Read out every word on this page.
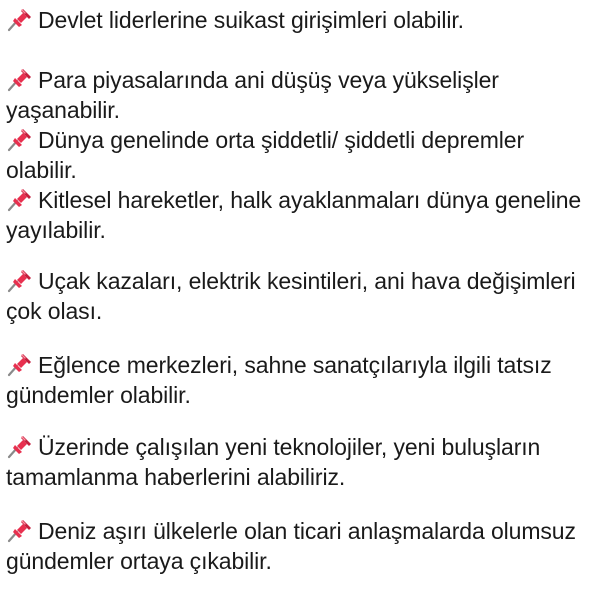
Devlet liderlerine suikast girişimleri olabilir.
Para piyasalarında ani düşüş veya yükselişler yaşanabilir.
Dünya genelinde orta şiddetli/ şiddetli depremler olabilir.
Kitlesel hareketler, halk ayaklanmaları dünya geneline yayılabilir.
Uçak kazaları, elektrik kesintileri, ani hava değişimleri çok olası.
Eğlence merkezleri, sahne sanatçılarıyla ilgili tatsız gündemler olabilir.
Üzerinde çalışılan yeni teknolojiler, yeni buluşların tamamlanma haberlerini alabiliriz.
Deniz aşırı ülkelerle olan ticari anlaşmalarda olumsuz gündemler ortaya çıkabilir.
